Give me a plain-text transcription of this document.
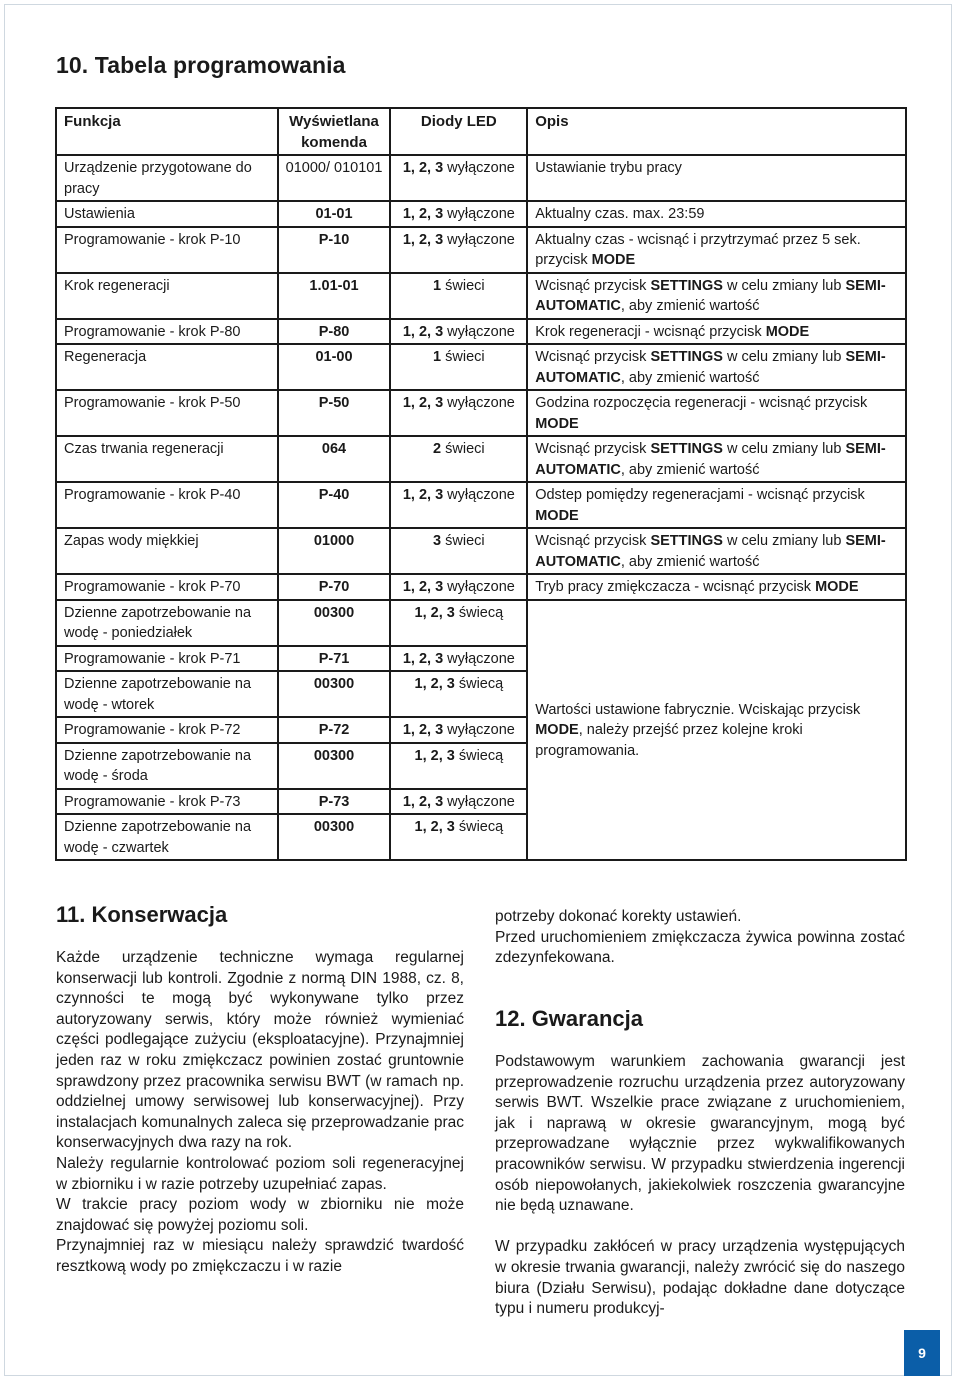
10. Tabela programowania
Funkcja	Wyświetlana komenda	Diody LED	Opis
Urządzenie przygotowane do pracy	01000/ 010101	1, 2, 3 wyłączone	Ustawianie trybu pracy
Ustawienia	01-01	1, 2, 3 wyłączone	Aktualny czas. max. 23:59
Programowanie - krok P-10	P-10	1, 2, 3 wyłączone	Aktualny czas - wcisnąć i przytrzymać przez 5 sek. przycisk MODE
Krok regeneracji	1.01-01	1 świeci	Wcisnąć przycisk SETTINGS w celu zmiany lub SEMI-AUTOMATIC, aby zmienić wartość
Programowanie - krok P-80	P-80	1, 2, 3 wyłączone	Krok regeneracji - wcisnąć przycisk MODE
Regeneracja	01-00	1 świeci	Wcisnąć przycisk SETTINGS w celu zmiany lub SEMI-AUTOMATIC, aby zmienić wartość
Programowanie - krok P-50	P-50	1, 2, 3 wyłączone	Godzina rozpoczęcia regeneracji - wcisnąć przycisk MODE
Czas trwania regeneracji	064	2 świeci	Wcisnąć przycisk SETTINGS w celu zmiany lub SEMI-AUTOMATIC, aby zmienić wartość
Programowanie - krok P-40	P-40	1, 2, 3 wyłączone	Odstep pomiędzy regeneracjami - wcisnąć przycisk MODE
Zapas wody miękkiej	01000	3 świeci	Wcisnąć przycisk SETTINGS w celu zmiany lub SEMI-AUTOMATIC, aby zmienić wartość
Programowanie - krok P-70	P-70	1, 2, 3 wyłączone	Tryb pracy zmiękczacza - wcisnąć przycisk MODE
Dzienne zapotrzebowanie na wodę - poniedziałek	00300	1, 2, 3 świecą	Wartości ustawione fabrycznie. Wciskając przycisk MODE, należy przejść przez kolejne kroki programowania.
Programowanie - krok P-71	P-71	1, 2, 3 wyłączone	
Dzienne zapotrzebowanie na wodę - wtorek	00300	1, 2, 3 świecą	
Programowanie - krok P-72	P-72	1, 2, 3 wyłączone	
Dzienne zapotrzebowanie na wodę - środa	00300	1, 2, 3 świecą	
Programowanie - krok P-73	P-73	1, 2, 3 wyłączone	
Dzienne zapotrzebowanie na wodę - czwartek	00300	1, 2, 3 świecą	
11. Konserwacja

Każde urządzenie techniczne wymaga regularnej konserwacji lub kontroli. Zgodnie z normą DIN 1988, cz. 8, czynności te mogą być wykonywane tylko przez autoryzowany serwis, który może również wymieniać części podlegające zużyciu (eksploatacyjne). Przynajmniej jeden raz w roku zmiękczacz powinien zostać gruntownie sprawdzony przez pracownika serwisu BWT (w ramach np. oddzielnej umowy serwisowej lub konserwacyjnej). Przy instalacjach komunalnych zaleca się przeprowadzanie prac konserwacyjnych dwa razy na rok.

Należy regularnie kontrolować poziom soli regeneracyjnej w zbiorniku i w razie potrzeby uzupełniać zapas.

W trakcie pracy poziom wody w zbiorniku nie może znajdować się powyżej poziomu soli.

Przynajmniej raz w miesiącu należy sprawdzić twardość resztkową wody po zmiękczaczu i w razie

potrzeby dokonać korekty ustawień.

Przed uruchomieniem zmiękczacza żywica powinna zostać zdezynfekowana.

12. Gwarancja

Podstawowym warunkiem zachowania gwarancji jest przeprowadzenie rozruchu urządzenia przez autoryzowany serwis BWT. Wszelkie prace związane z uruchomieniem, jak i naprawą w okresie gwarancyjnym, mogą być przeprowadzane wyłącznie przez wykwalifikowanych pracowników serwisu. W przypadku stwierdzenia ingerencji osób niepowołanych, jakiekolwiek roszczenia gwarancyjne nie będą uznawane.

W przypadku zakłóceń w pracy urządzenia występujących w okresie trwania gwarancji, należy zwrócić się do naszego biura (Działu Serwisu), podając dokładne dane dotyczące typu i numeru produkcyj-

9
